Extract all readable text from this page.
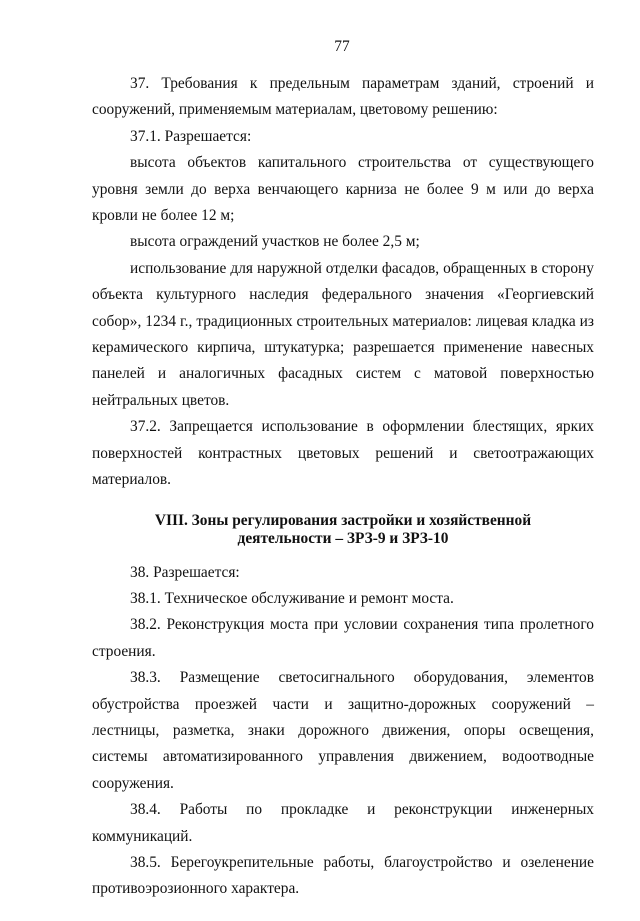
77

37. Требования к предельным параметрам зданий, строений и сооружений, применяемым материалам, цветовому решению:

37.1. Разрешается:

высота объектов капитального строительства от существующего уровня земли до верха венчающего карниза не более 9 м или до верха кровли не более 12 м;

высота ограждений участков не более 2,5 м;

использование для наружной отделки фасадов, обращенных в сторону объекта культурного наследия федерального значения «Георгиевский собор», 1234 г., традиционных строительных материалов: лицевая кладка из керамического кирпича, штукатурка; разрешается применение навесных панелей и аналогичных фасадных систем с матовой поверхностью нейтральных цветов.

37.2. Запрещается использование в оформлении блестящих, ярких поверхностей контрастных цветовых решений и светоотражающих материалов.

VIII. Зоны регулирования застройки и хозяйственной
деятельности – ЗРЗ-9 и ЗРЗ-10

38. Разрешается:

38.1. Техническое обслуживание и ремонт моста.

38.2. Реконструкция моста при условии сохранения типа пролетного строения.

38.3. Размещение светосигнального оборудования, элементов обустройства проезжей части и защитно-дорожных сооружений – лестницы, разметка, знаки дорожного движения, опоры освещения, системы автоматизированного управления движением, водоотводные сооружения.

38.4. Работы по прокладке и реконструкции инженерных коммуникаций.

38.5. Берегоукрепительные работы, благоустройство и озеленение противоэрозионного характера.
